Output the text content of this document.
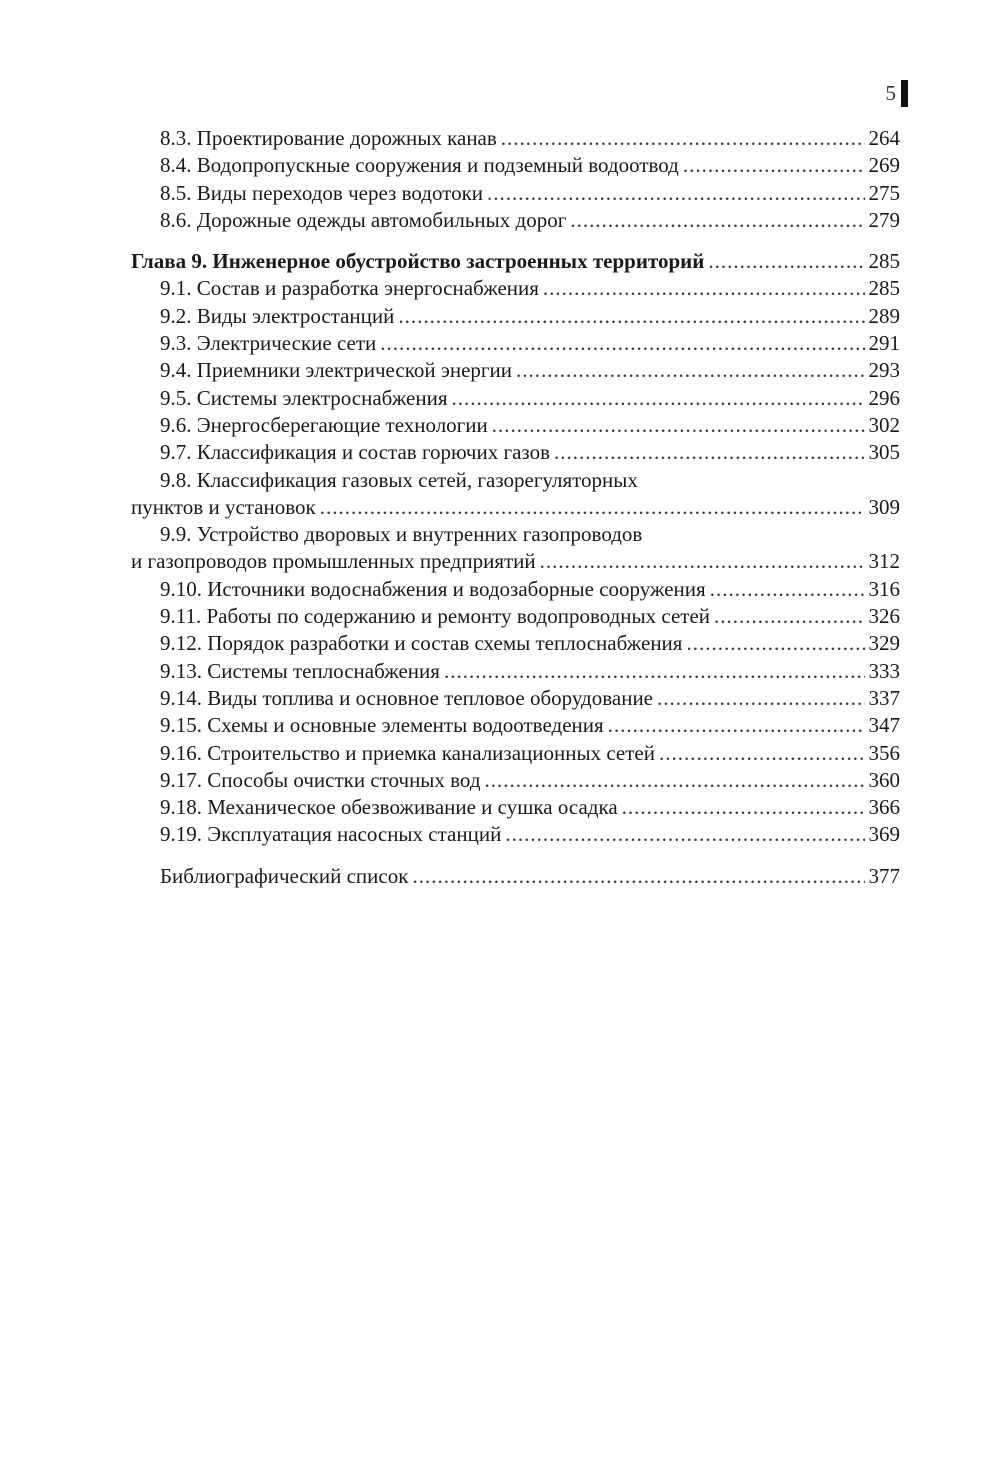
5
8.3. Проектирование дорожных канав .....	264
8.4. Водопропускные сооружения и подземный водоотвод .....	269
8.5. Виды переходов через водотоки .....	275
8.6. Дорожные одежды автомобильных дорог .....	279
Глава 9. Инженерное обустройство застроенных территорий .....	285
9.1. Состав и разработка энергоснабжения .....	285
9.2. Виды электростанций .....	289
9.3. Электрические сети .....	291
9.4. Приемники электрической энергии .....	293
9.5. Системы электроснабжения .....	296
9.6. Энергосберегающие технологии .....	302
9.7. Классификация и состав горючих газов .....	305
9.8. Классификация газовых сетей, газорегуляторных
пунктов и установок .....	309
9.9. Устройство дворовых и внутренних газопроводов
и газопроводов промышленных предприятий .....	312
9.10. Источники водоснабжения и водозаборные сооружения .....	316
9.11. Работы по содержанию и ремонту водопроводных сетей .....	326
9.12. Порядок разработки и состав схемы теплоснабжения .....	329
9.13. Системы теплоснабжения .....	333
9.14. Виды топлива и основное тепловое оборудование .....	337
9.15. Схемы и основные элементы водоотведения .....	347
9.16. Строительство и приемка канализационных сетей .....	356
9.17. Способы очистки сточных вод .....	360
9.18. Механическое обезвоживание и сушка осадка .....	366
9.19. Эксплуатация насосных станций .....	369
Библиографический список .....	377
